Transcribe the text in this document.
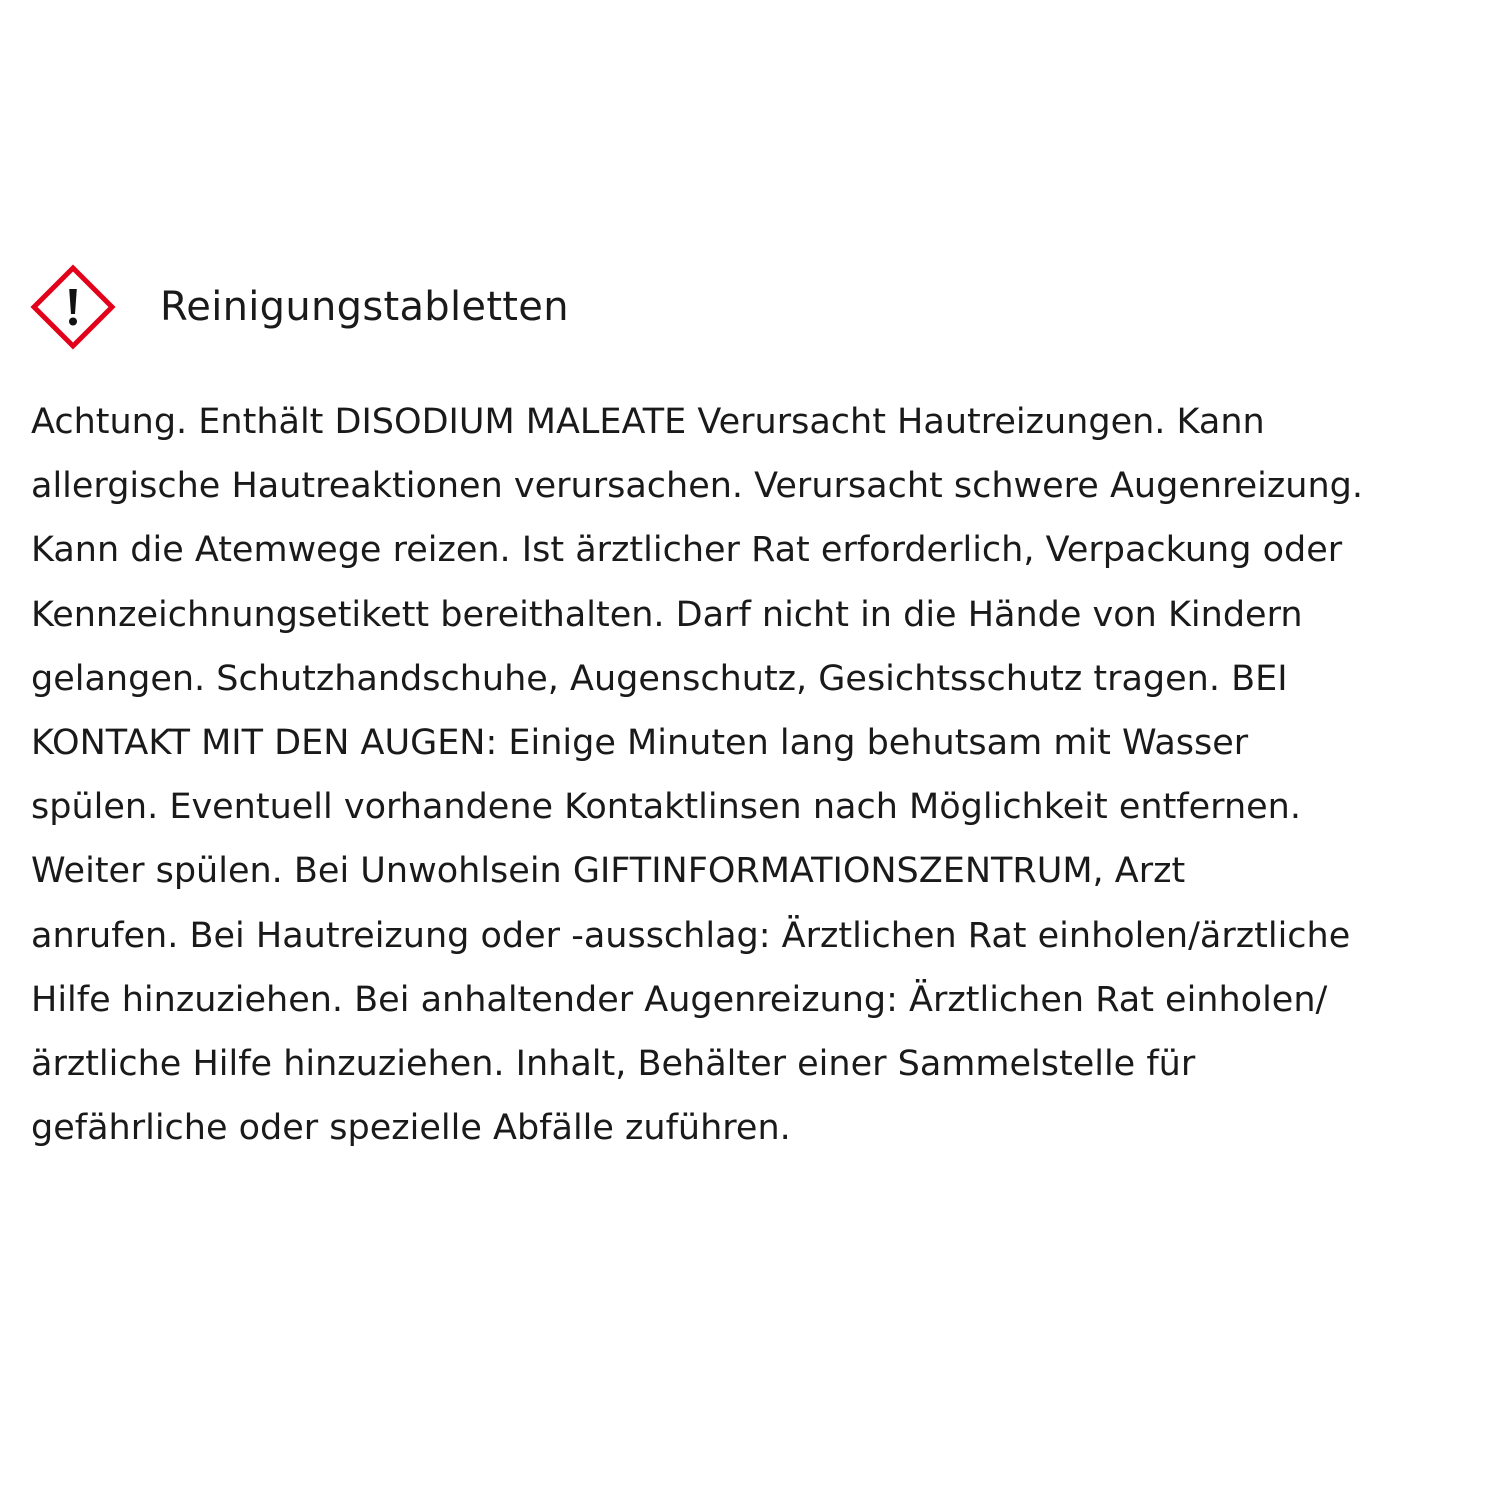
Reinigungstabletten
Achtung. Enthält DISODIUM MALEATE Verursacht Hautreizungen. Kann
allergische Hautreaktionen verursachen. Verursacht schwere Augenreizung.
Kann die Atemwege reizen. Ist ärztlicher Rat erforderlich, Verpackung oder
Kennzeichnungsetikett bereithalten. Darf nicht in die Hände von Kindern
gelangen. Schutzhandschuhe, Augenschutz, Gesichtsschutz tragen. BEI
KONTAKT MIT DEN AUGEN: Einige Minuten lang behutsam mit Wasser
spülen. Eventuell vorhandene Kontaktlinsen nach Möglichkeit entfernen.
Weiter spülen. Bei Unwohlsein GIFTINFORMATIONSZENTRUM, Arzt
anrufen. Bei Hautreizung oder -ausschlag: Ärztlichen Rat einholen/ärztliche
Hilfe hinzuziehen. Bei anhaltender Augenreizung: Ärztlichen Rat einholen/
ärztliche Hilfe hinzuziehen. Inhalt, Behälter einer Sammelstelle für
gefährliche oder spezielle Abfälle zuführen.
